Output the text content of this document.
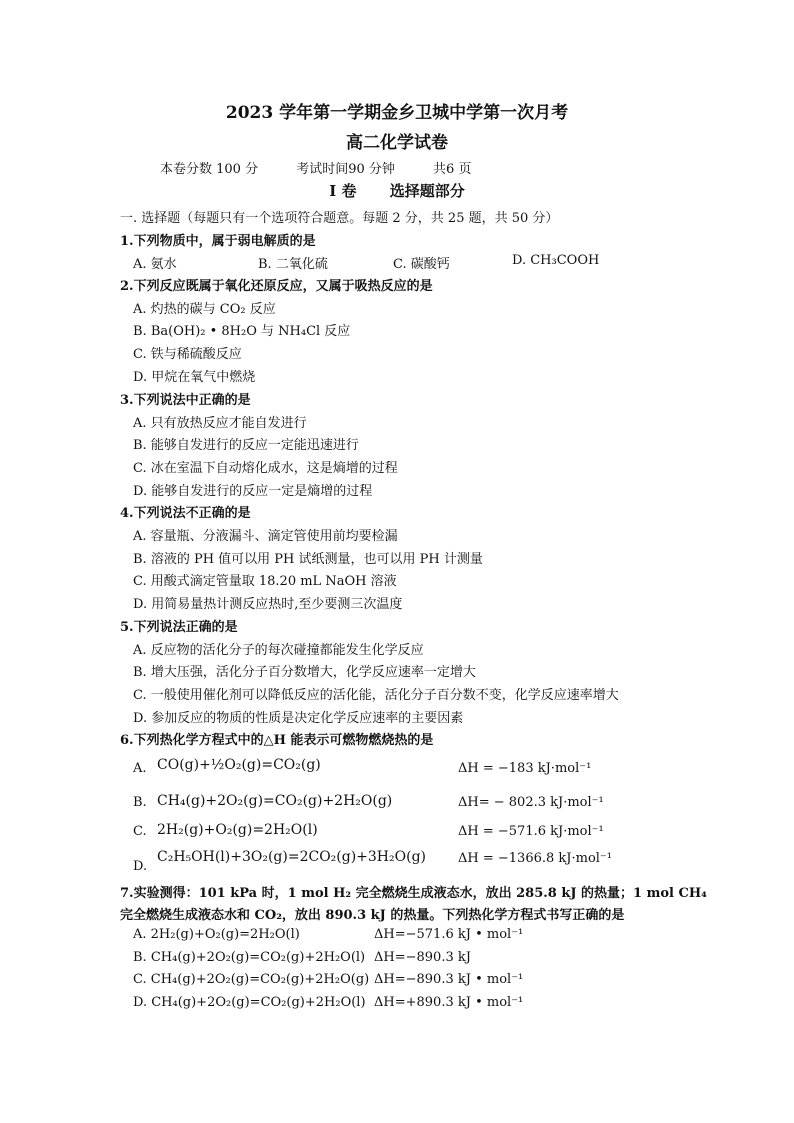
2023 学年第一学期金乡卫城中学第一次月考
高二化学试卷
本卷分数 100 分	考试时间90 分钟	共6 页
I 卷 选择题部分
一. 选择题（每题只有一个选项符合题意。每题 2 分，共 25 题，共 50 分）
1.下列物质中，属于弱电解质的是
A. 氨水	B. 二氧化硫	C. 碳酸钙	D. CH₃COOH
2.下列反应既属于氧化还原反应，又属于吸热反应的是
A. 灼热的碳与 CO₂ 反应
B. Ba(OH)₂ • 8H₂O 与 NH₄Cl 反应
C. 铁与稀硫酸反应
D. 甲烷在氧气中燃烧
3.下列说法中正确的是
A. 只有放热反应才能自发进行
B. 能够自发进行的反应一定能迅速进行
C. 冰在室温下自动熔化成水，这是熵增的过程
D. 能够自发进行的反应一定是熵增的过程
4.下列说法不正确的是
A. 容量瓶、分液漏斗、滴定管使用前均要检漏
B. 溶液的 PH 值可以用 PH 试纸测量，也可以用 PH 计测量
C. 用酸式滴定管量取 18.20 mL NaOH 溶液
D. 用简易量热计测反应热时,至少要测三次温度
5.下列说法正确的是
A. 反应物的活化分子的每次碰撞都能发生化学反应
B. 增大压强，活化分子百分数增大，化学反应速率一定增大
C. 一般使用催化剂可以降低反应的活化能，活化分子百分数不变，化学反应速率增大
D. 参加反应的物质的性质是决定化学反应速率的主要因素
6.下列热化学方程式中的△H 能表示可燃物燃烧热的是
A. CO(g)+½O₂(g)=CO₂(g)	ΔH = −183 kJ·mol⁻¹
B. CH₄(g)+2O₂(g)=CO₂(g)+2H₂O(g)	ΔH= − 802.3 kJ·mol⁻¹
C. 2H₂(g)+O₂(g)=2H₂O(l)	ΔH = −571.6 kJ·mol⁻¹
D.
C₂H₅OH(l)+3O₂(g)=2CO₂(g)+3H₂O(g) ΔH = −1366.8 kJ·mol⁻¹
7.实验测得：101 kPa 时，1 mol H₂ 完全燃烧生成液态水，放出 285.8 kJ 的热量；1 mol CH₄
完全燃烧生成液态水和 CO₂，放出 890.3 kJ 的热量。下列热化学方程式书写正确的是
A. 2H₂(g)+O₂(g)=2H₂O(l)	ΔH=−571.6 kJ • mol⁻¹
B. CH₄(g)+2O₂(g)=CO₂(g)+2H₂O(l) ΔH=−890.3 kJ
C. CH₄(g)+2O₂(g)=CO₂(g)+2H₂O(g) ΔH=−890.3 kJ • mol⁻¹
D. CH₄(g)+2O₂(g)=CO₂(g)+2H₂O(l) ΔH=+890.3 kJ • mol⁻¹
